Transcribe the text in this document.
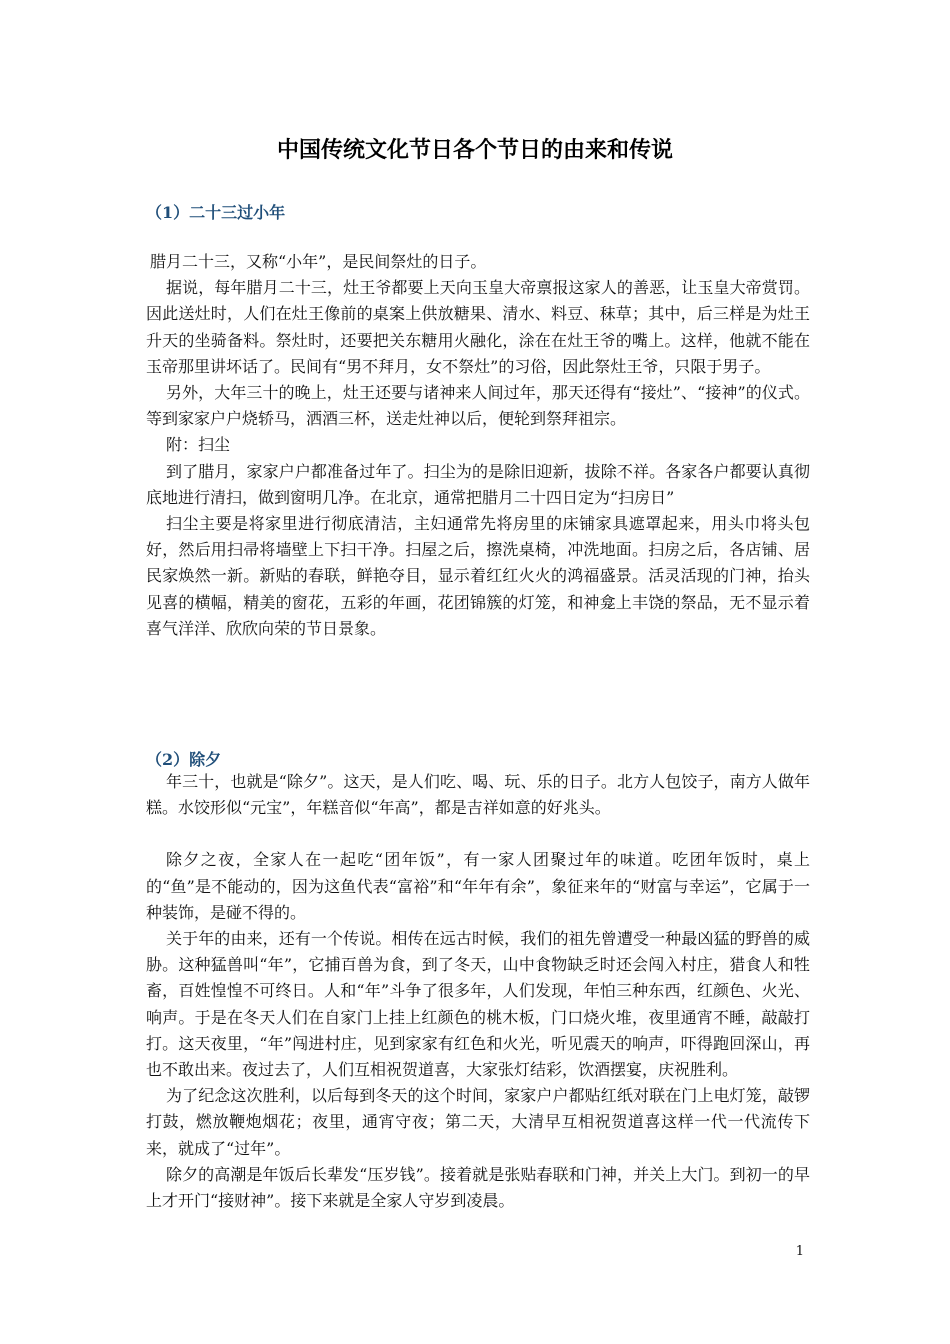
中国传统文化节日各个节日的由来和传说
（1）二十三过小年

腊月二十三，又称“小年”，是民间祭灶的日子。

据说，每年腊月二十三，灶王爷都要上天向玉皇大帝禀报这家人的善恶，让玉皇大帝赏罚。因此送灶时，人们在灶王像前的桌案上供放糖果、清水、料豆、秣草；其中，后三样是为灶王升天的坐骑备料。祭灶时，还要把关东糖用火融化，涂在在灶王爷的嘴上。这样，他就不能在玉帝那里讲坏话了。民间有“男不拜月，女不祭灶”的习俗，因此祭灶王爷，只限于男子。

另外，大年三十的晚上，灶王还要与诸神来人间过年，那天还得有“接灶”、“接神”的仪式。等到家家户户烧轿马，洒酒三杯，送走灶神以后，便轮到祭拜祖宗。

附：扫尘

到了腊月，家家户户都准备过年了。扫尘为的是除旧迎新，拔除不祥。各家各户都要认真彻底地进行清扫，做到窗明几净。在北京，通常把腊月二十四日定为“扫房日”

扫尘主要是将家里进行彻底清洁，主妇通常先将房里的床铺家具遮罩起来，用头巾将头包好，然后用扫帚将墙壁上下扫干净。扫屋之后，擦洗桌椅，冲洗地面。扫房之后，各店铺、居民家焕然一新。新贴的春联，鲜艳夺目，显示着红红火火的鸿福盛景。活灵活现的门神，抬头见喜的横幅，精美的窗花，五彩的年画，花团锦簇的灯笼，和神龛上丰饶的祭品，无不显示着喜气洋洋、欣欣向荣的节日景象。

（2）除夕

年三十，也就是“除夕”。这天，是人们吃、喝、玩、乐的日子。北方人包饺子，南方人做年糕。水饺形似“元宝”，年糕音似“年高”，都是吉祥如意的好兆头。

除夕之夜，全家人在一起吃“团年饭”，有一家人团聚过年的味道。吃团年饭时，桌上的“鱼”是不能动的，因为这鱼代表“富裕”和“年年有余”，象征来年的“财富与幸运”，它属于一种装饰，是碰不得的。

关于年的由来，还有一个传说。相传在远古时候，我们的祖先曾遭受一种最凶猛的野兽的威胁。这种猛兽叫“年”，它捕百兽为食，到了冬天，山中食物缺乏时还会闯入村庄，猎食人和牲畜，百姓惶惶不可终日。人和“年”斗争了很多年，人们发现，年怕三种东西，红颜色、火光、响声。于是在冬天人们在自家门上挂上红颜色的桃木板，门口烧火堆，夜里通宵不睡，敲敲打打。这天夜里，“年”闯进村庄，见到家家有红色和火光，听见震天的响声，吓得跑回深山，再也不敢出来。夜过去了，人们互相祝贺道喜，大家张灯结彩，饮酒摆宴，庆祝胜利。

为了纪念这次胜利，以后每到冬天的这个时间，家家户户都贴红纸对联在门上电灯笼，敲锣打鼓，燃放鞭炮烟花；夜里，通宵守夜；第二天，大清早互相祝贺道喜这样一代一代流传下来，就成了“过年”。

除夕的高潮是年饭后长辈发“压岁钱”。接着就是张贴春联和门神，并关上大门。到初一的早上才开门“接财神”。接下来就是全家人守岁到凌晨。

1
